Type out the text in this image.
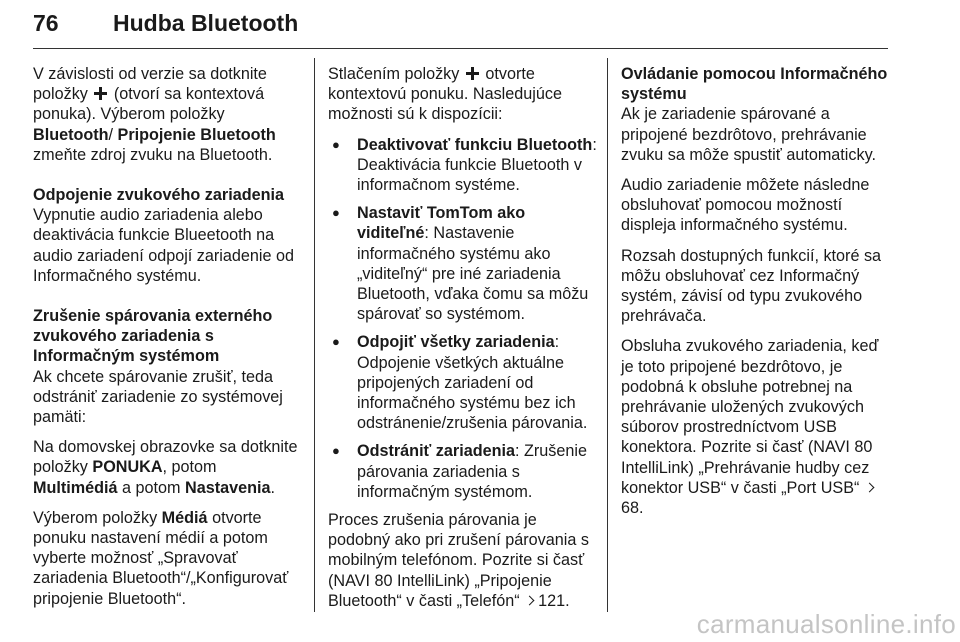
76 Hudba Bluetooth

V závislosti od verzie sa dotknite položky (otvorí sa kontextová ponuka). Výberom položky Bluetooth/ Pripojenie Bluetooth zmeňte zdroj zvuku na Bluetooth.

Odpojenie zvukového zariadenia
Vypnutie audio zariadenia alebo deaktivácia funkcie Blueetooth na audio zariadení odpojí zariadenie od Informačného systému.

Zrušenie spárovania externého zvukového zariadenia s Informačným systémom
Ak chcete spárovanie zrušiť, teda odstrániť zariadenie zo systémovej pamäti:

Na domovskej obrazovke sa dotknite položky PONUKA, potom Multimédiá a potom Nastavenia.

Výberom položky Médiá otvorte ponuku nastavení médií a potom vyberte možnosť „Spravovať zariadenia Bluetooth“/„Konfigurovať pripojenie Bluetooth“.

Stlačením položky otvorte kontextovú ponuku. Nasledujúce možnosti sú k dispozícii:

● Deaktivovať funkciu Bluetooth: Deaktivácia funkcie Bluetooth v informačnom systéme.
● Nastaviť TomTom ako viditeľné: Nastavenie informačného systému ako „viditeľný“ pre iné zariadenia Bluetooth, vďaka čomu sa môžu spárovať so systémom.
● Odpojiť všetky zariadenia: Odpojenie všetkých aktuálne pripojených zariadení od informačného systému bez ich odstránenie/zrušenia párovania.
● Odstrániť zariadenia: Zrušenie párovania zariadenia s informačným systémom.

Proces zrušenia párovania je podobný ako pri zrušení párovania s mobilným telefónom. Pozrite si časť (NAVI 80 IntelliLink) „Pripojenie Bluetooth“ v časti „Telefón“ 121.

Ovládanie pomocou Informačného systému
Ak je zariadenie spárované a pripojené bezdrôtovo, prehrávanie zvuku sa môže spustiť automaticky.

Audio zariadenie môžete následne obsluhovať pomocou možností displeja informačného systému.

Rozsah dostupných funkcií, ktoré sa môžu obsluhovať cez Informačný systém, závisí od typu zvukového prehrávača.

Obsluha zvukového zariadenia, keď je toto pripojené bezdrôtovo, je podobná k obsluhe potrebnej na prehrávanie uložených zvukových súborov prostredníctvom USB konektora. Pozrite si časť (NAVI 80 IntelliLink) „Prehrávanie hudby cez konektor USB“ v časti „Port USB“ 68.

carmanualsonline.info
